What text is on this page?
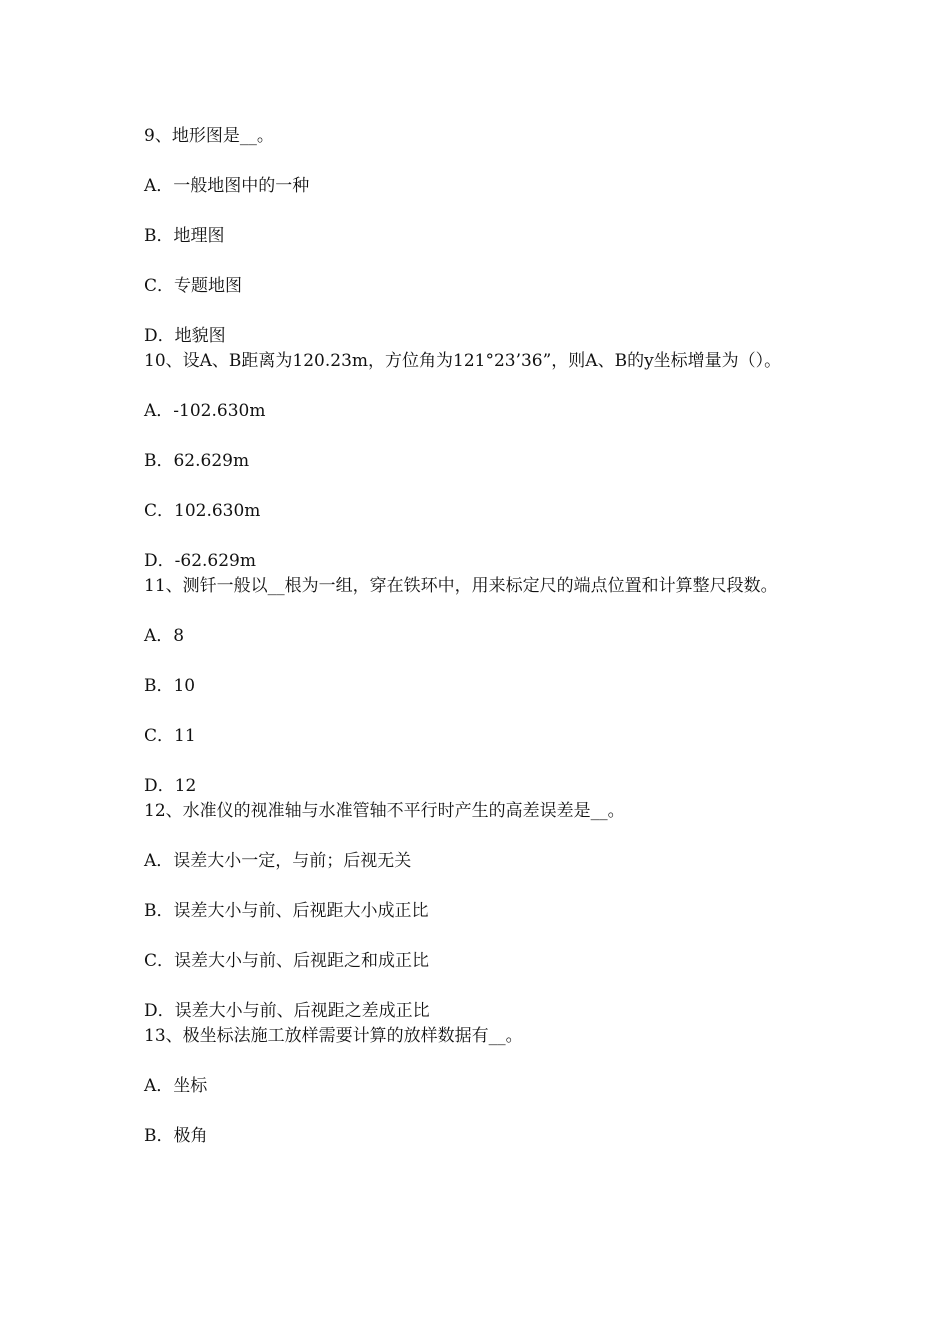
9、地形图是__。

A．一般地图中的一种

B．地理图

C．专题地图

D．地貌图

10、设A、B距离为120.23m，方位角为121°23’36”，则A、B的y坐标增量为（）。

A．-102.630m

B．62.629m

C．102.630m

D．-62.629m

11、测钎一般以__根为一组，穿在铁环中，用来标定尺的端点位置和计算整尺段数。

A．8

B．10

C．11

D．12

12、水准仪的视准轴与水准管轴不平行时产生的高差误差是__。

A．误差大小一定，与前；后视无关

B．误差大小与前、后视距大小成正比

C．误差大小与前、后视距之和成正比

D．误差大小与前、后视距之差成正比

13、极坐标法施工放样需要计算的放样数据有__。

A．坐标

B．极角
